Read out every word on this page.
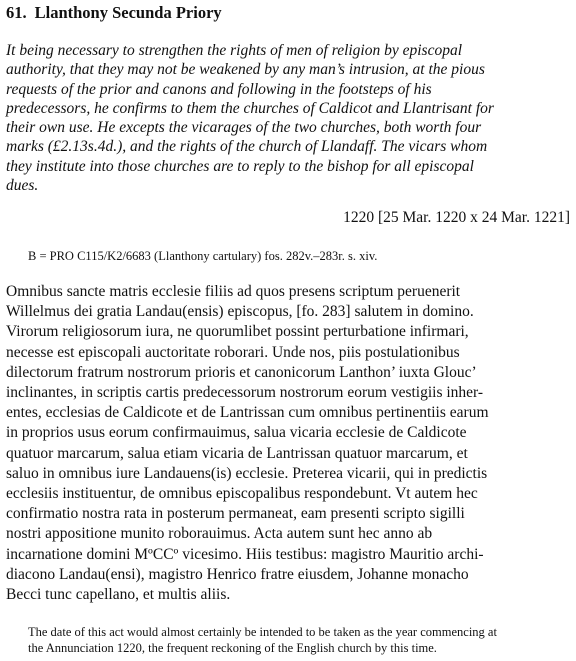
61. Llanthony Secunda Priory
It being necessary to strengthen the rights of men of religion by episcopal
authority, that they may not be weakened by any man’s intrusion, at the pious
requests of the prior and canons and following in the footsteps of his
predecessors, he confirms to them the churches of Caldicot and Llantrisant for
their own use. He excepts the vicarages of the two churches, both worth four
marks (£2.13s.4d.), and the rights of the church of Llandaff. The vicars whom
they institute into those churches are to reply to the bishop for all episcopal
dues.
1220 [25 Mar. 1220 x 24 Mar. 1221]
B = PRO C115/K2/6683 (Llanthony cartulary) fos. 282v.–283r. s. xiv.
Omnibus sancte matris ecclesie filiis ad quos presens scriptum peruenerit
Willelmus dei gratia Landau(ensis) episcopus, [fo. 283] salutem in domino.
Virorum religiosorum iura, ne quorumlibet possint perturbatione infirmari,
necesse est episcopali auctoritate roborari. Unde nos, piis postulationibus
dilectorum fratrum nostrorum prioris et canonicorum Lanthon’ iuxta Glouc’
inclinantes, in scriptis cartis predecessorum nostrorum eorum vestigiis inher-
entes, ecclesias de Caldicote et de Lantrissan cum omnibus pertinentiis earum
in proprios usus eorum confirmauimus, salua vicaria ecclesie de Caldicote
quatuor marcarum, salua etiam vicaria de Lantrissan quatuor marcarum, et
saluo in omnibus iure Landauens(is) ecclesie. Preterea vicarii, qui in predictis
ecclesiis instituentur, de omnibus episcopalibus respondebunt. Vt autem hec
confirmatio nostra rata in posterum permaneat, eam presenti scripto sigilli
nostri appositione munito roborauimus. Acta autem sunt hec anno ab
incarnatione domini MºCCº vicesimo. Hiis testibus: magistro Mauritio archi-
diacono Landau(ensi), magistro Henrico fratre eiusdem, Johanne monacho
Becci tunc capellano, et multis aliis.
The date of this act would almost certainly be intended to be taken as the year commencing at
the Annunciation 1220, the frequent reckoning of the English church by this time.
